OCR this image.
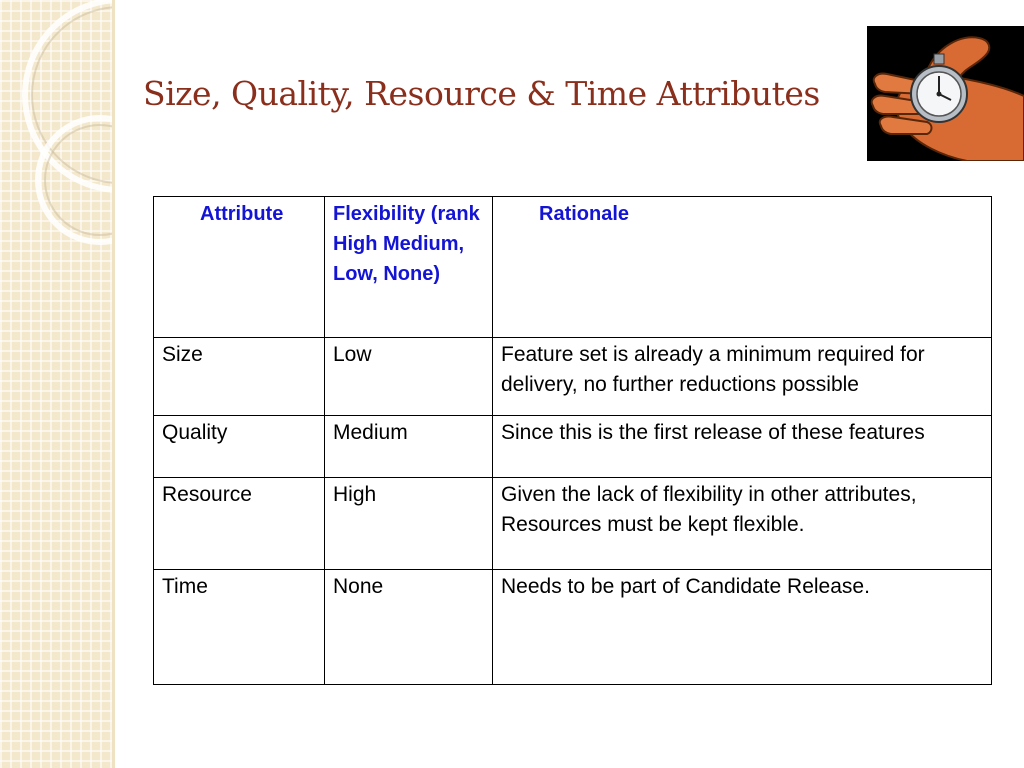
Size, Quality, Resource & Time Attributes
Attribute	Flexibility (rank High Medium, Low, None)	Rationale
Size	Low	Feature set is already a minimum required for delivery, no further reductions possible
Quality	Medium	Since this is the first release of these features
Resource	High	Given the lack of flexibility in other attributes, Resources must be kept flexible.
Time	None	Needs to be part of Candidate Release.
